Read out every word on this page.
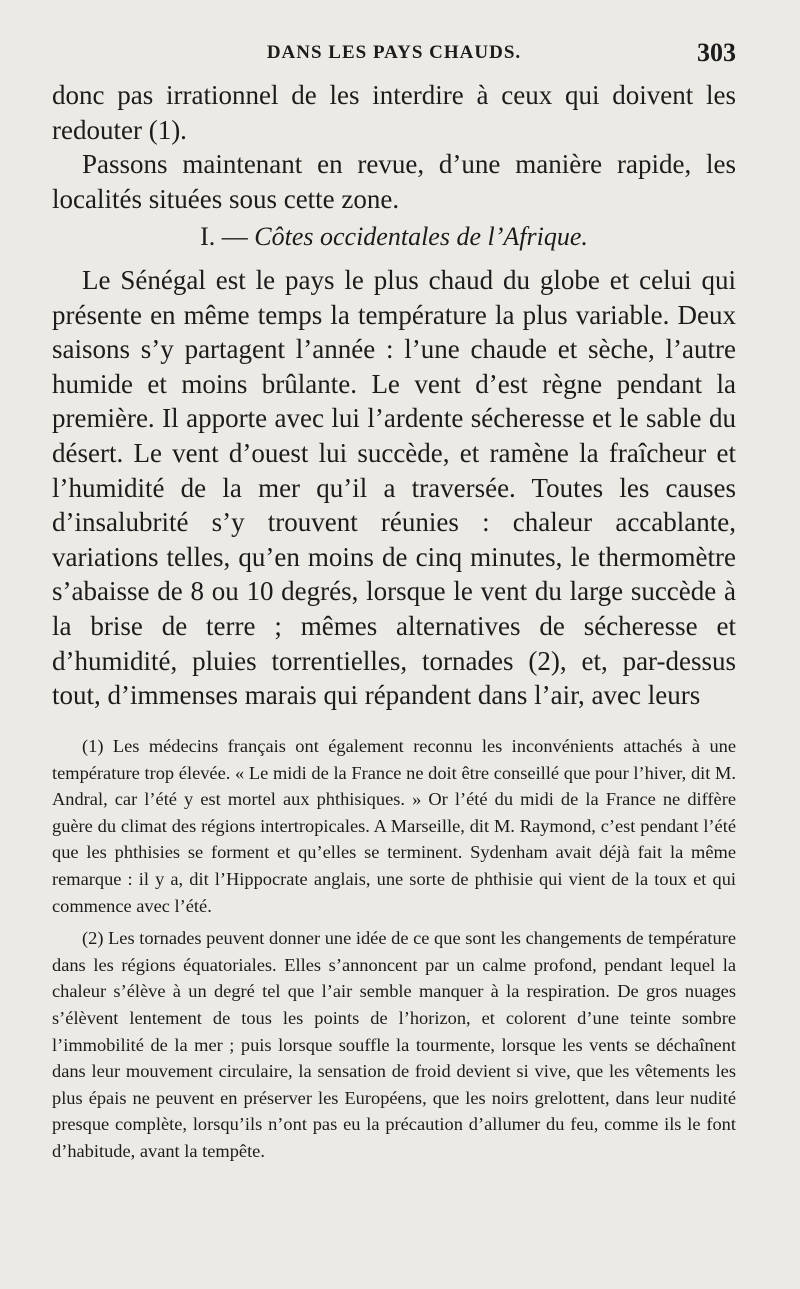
DANS LES PAYS CHAUDS.	303

donc pas irrationnel de les interdire à ceux qui doivent les redouter (1).

Passons maintenant en revue, d’une manière rapide, les localités situées sous cette zone.

I. — Côtes occidentales de l’Afrique.

Le Sénégal est le pays le plus chaud du globe et celui qui présente en même temps la température la plus variable. Deux saisons s’y partagent l’année : l’une chaude et sèche, l’autre humide et moins brûlante. Le vent d’est règne pendant la première. Il apporte avec lui l’ardente sécheresse et le sable du désert. Le vent d’ouest lui succède, et ramène la fraîcheur et l’humidité de la mer qu’il a traversée. Toutes les causes d’insalubrité s’y trouvent réunies : chaleur accablante, variations telles, qu’en moins de cinq minutes, le thermomètre s’abaisse de 8 ou 10 degrés, lorsque le vent du large succède à la brise de terre ; mêmes alternatives de sécheresse et d’humidité, pluies torrentielles, tornades (2), et, par-dessus tout, d’immenses marais qui répandent dans l’air, avec leurs

(1) Les médecins français ont également reconnu les inconvénients attachés à une température trop élevée. « Le midi de la France ne doit être conseillé que pour l’hiver, dit M. Andral, car l’été y est mortel aux phthisiques. » Or l’été du midi de la France ne diffère guère du climat des régions intertropicales. A Marseille, dit M. Raymond, c’est pendant l’été que les phthisies se forment et qu’elles se terminent. Sydenham avait déjà fait la même remarque : il y a, dit l’Hippocrate anglais, une sorte de phthisie qui vient de la toux et qui commence avec l’été.

(2) Les tornades peuvent donner une idée de ce que sont les changements de température dans les régions équatoriales. Elles s’annoncent par un calme profond, pendant lequel la chaleur s’élève à un degré tel que l’air semble manquer à la respiration. De gros nuages s’élèvent lentement de tous les points de l’horizon, et colorent d’une teinte sombre l’immobilité de la mer ; puis lorsque souffle la tourmente, lorsque les vents se déchaînent dans leur mouvement circulaire, la sensation de froid devient si vive, que les vêtements les plus épais ne peuvent en préserver les Européens, que les noirs grelottent, dans leur nudité presque complète, lorsqu’ils n’ont pas eu la précaution d’allumer du feu, comme ils le font d’habitude, avant la tempête.
